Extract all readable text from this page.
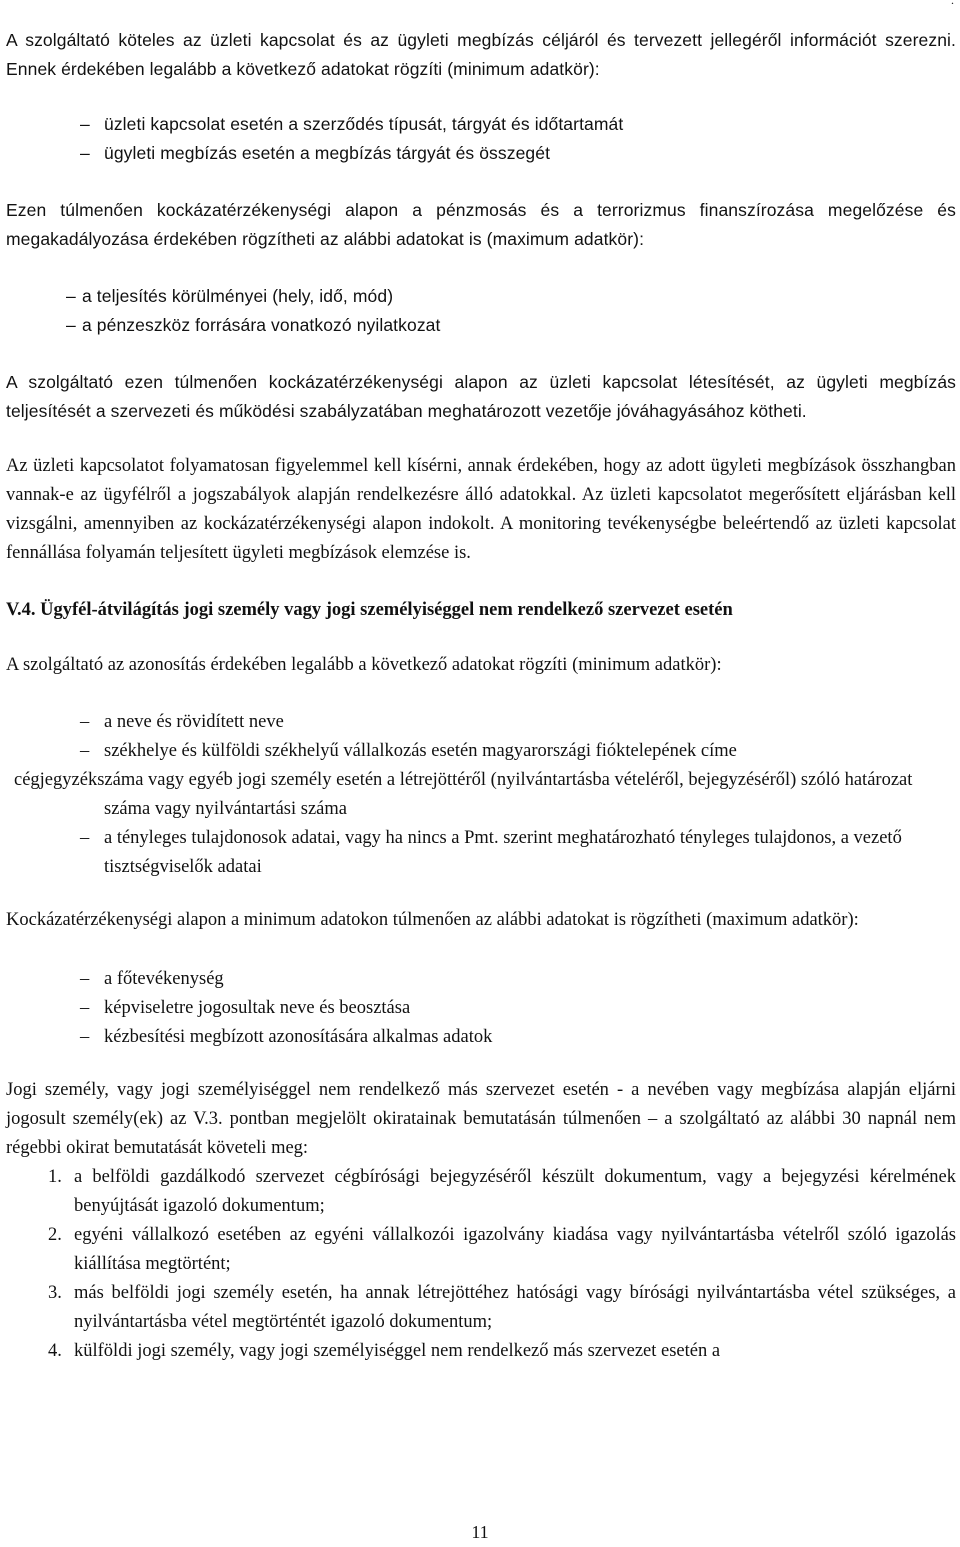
A szolgáltató köteles az üzleti kapcsolat és az ügyleti megbízás céljáról és tervezett jellegéről információt szerezni. Ennek érdekében legalább a következő adatokat rögzíti (minimum adatkör):

– üzleti kapcsolat esetén a szerződés típusát, tárgyát és időtartamát
– ügyleti megbízás esetén a megbízás tárgyát és összegét

Ezen túlmenően kockázatérzékenységi alapon a pénzmosás és a terrorizmus finanszírozása megelőzése és megakadályozása érdekében rögzítheti az alábbi adatokat is (maximum adatkör):

– a teljesítés körülményei (hely, idő, mód)
– a pénzeszköz forrására vonatkozó nyilatkozat

A szolgáltató ezen túlmenően kockázatérzékenységi alapon az üzleti kapcsolat létesítését, az ügyleti megbízás teljesítését a szervezeti és működési szabályzatában meghatározott vezetője jóváhagyásához kötheti.

Az üzleti kapcsolatot folyamatosan figyelemmel kell kísérni, annak érdekében, hogy az adott ügyleti megbízások összhangban vannak-e az ügyfélről a jogszabályok alapján rendelkezésre álló adatokkal. Az üzleti kapcsolatot megerősített eljárásban kell vizsgálni, amennyiben az kockázatérzékenységi alapon indokolt. A monitoring tevékenységbe beleértendő az üzleti kapcsolat fennállása folyamán teljesített ügyleti megbízások elemzése is.

V.4. Ügyfél-átvilágítás jogi személy vagy jogi személyiséggel nem rendelkező szervezet esetén

A szolgáltató az azonosítás érdekében legalább a következő adatokat rögzíti (minimum adatkör):

– a neve és rövidített neve
– székhelye és külföldi székhelyű vállalkozás esetén magyarországi fióktelepének címe
– cégjegyzékszáma vagy egyéb jogi személy esetén a létrejöttéről (nyilvántartásba vételéről, bejegyzéséről) szóló határozat száma vagy nyilvántartási száma
– a tényleges tulajdonosok adatai, vagy ha nincs a Pmt. szerint meghatározható tényleges tulajdonos, a vezető tisztségviselők adatai

Kockázatérzékenységi alapon a minimum adatokon túlmenően az alábbi adatokat is rögzítheti (maximum adatkör):

– a főtevékenység
– képviseletre jogosultak neve és beosztása
– kézbesítési megbízott azonosítására alkalmas adatok

Jogi személy, vagy jogi személyiséggel nem rendelkező más szervezet esetén - a nevében vagy megbízása alapján eljárni jogosult személy(ek) az V.3. pontban megjelölt okiratainak bemutatásán túlmenően – a szolgáltató az alábbi 30 napnál nem régebbi okirat bemutatását követeli meg:

1. a belföldi gazdálkodó szervezet cégbírósági bejegyzéséről készült dokumentum, vagy a bejegyzési kérelmének benyújtását igazoló dokumentum;
2. egyéni vállalkozó esetében az egyéni vállalkozói igazolvány kiadása vagy nyilvántartásba vételről szóló igazolás kiállítása megtörtént;
3. más belföldi jogi személy esetén, ha annak létrejöttéhez hatósági vagy bírósági nyilvántartásba vétel szükséges, a nyilvántartásba vétel megtörténtét igazoló dokumentum;
4. külföldi jogi személy, vagy jogi személyiséggel nem rendelkező más szervezet esetén a
.
11
